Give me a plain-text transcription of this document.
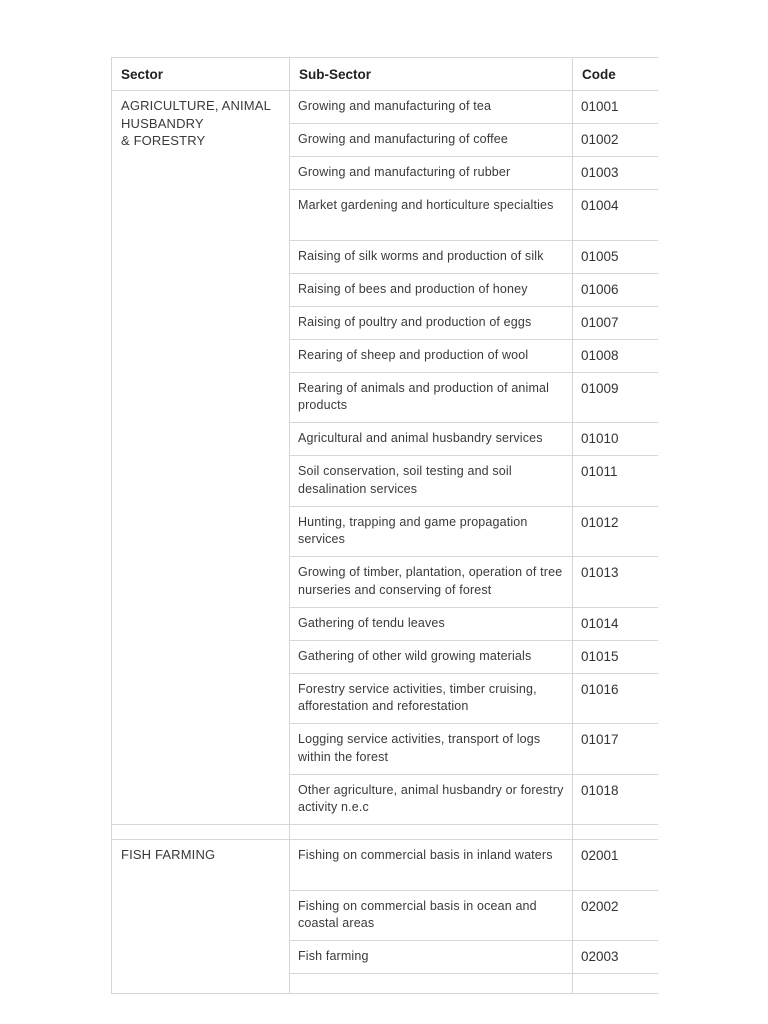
Sector	Sub-Sector	Code
AGRICULTURE, ANIMAL
HUSBANDRY
& FORESTRY	Growing and manufacturing of tea	01001
	Growing and manufacturing of coffee	01002
	Growing and manufacturing of rubber	01003
	Market gardening and horticulture specialties	01004
	Raising of silk worms and production of silk	01005
	Raising of bees and production of honey	01006
	Raising of poultry and production of eggs	01007
	Rearing of sheep and production of wool	01008
	Rearing of animals and production of animal products	01009
	Agricultural and animal husbandry services	01010
	Soil conservation, soil testing and soil desalination services	01011
	Hunting, trapping and game propagation services	01012
	Growing of timber, plantation, operation of tree nurseries and conserving of forest	01013
	Gathering of tendu leaves	01014
	Gathering of other wild growing materials	01015
	Forestry service activities, timber cruising, afforestation and reforestation	01016
	Logging service activities, transport of logs within the forest	01017
	Other agriculture, animal husbandry or forestry activity n.e.c	01018

FISH FARMING	Fishing on commercial basis in inland waters	02001
	Fishing on commercial basis in ocean and coastal areas	02002
	Fish farming	02003
